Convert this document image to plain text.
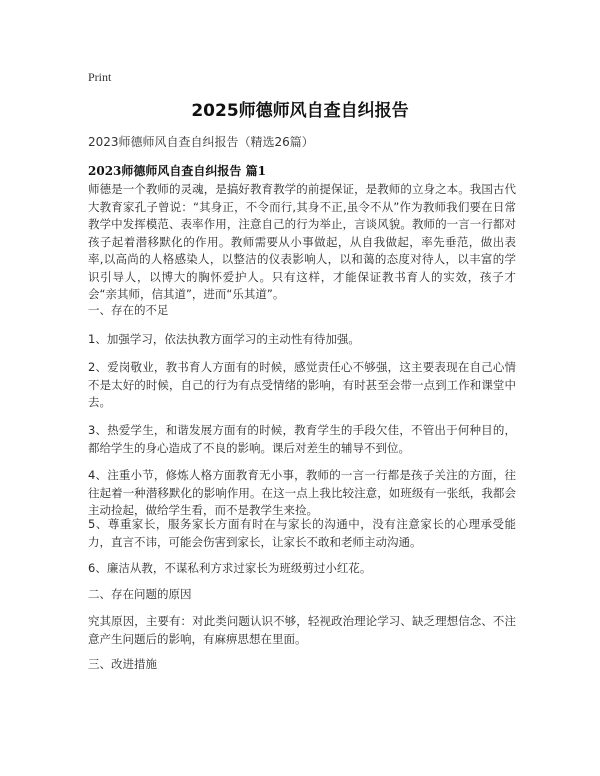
Print
2025师德师风自查自纠报告
2023师德师风自查自纠报告（精选26篇）
2023师德师风自查自纠报告 篇1

师德是一个教师的灵魂，是搞好教育教学的前提保证，是教师的立身之本。我国古代大教育家孔子曾说：“其身正，不令而行,其身不正,虽令不从”作为教师我们要在日常教学中发挥模范、表率作用，注意自己的行为举止，言谈风貌。教师的一言一行都对孩子起着潜移默化的作用。教师需要从小事做起，从自我做起，率先垂范，做出表率,以高尚的人格感染人，以整洁的仪表影响人，以和蔼的态度对待人，以丰富的学识引导人，以博大的胸怀爱护人。只有这样，才能保证教书育人的实效，孩子才会“亲其师，信其道”，进而“乐其道”。

一、存在的不足

1、加强学习，依法执教方面学习的主动性有待加强。

2、爱岗敬业，教书育人方面有的时候，感觉责任心不够强，这主要表现在自己心情不是太好的时候，自己的行为有点受情绪的影响，有时甚至会带一点到工作和课堂中去。

3、热爱学生，和谐发展方面有的时候，教育学生的手段欠佳，不管出于何种目的，都给学生的身心造成了不良的影响。课后对差生的辅导不到位。

4、注重小节，修炼人格方面教育无小事，教师的一言一行都是孩子关注的方面，往往起着一种潜移默化的影响作用。在这一点上我比较注意，如班级有一张纸，我都会主动捡起，做给学生看，而不是教学生来捡。

5、尊重家长，服务家长方面有时在与家长的沟通中，没有注意家长的心理承受能力，直言不讳，可能会伤害到家长，让家长不敢和老师主动沟通。

6、廉洁从教，不谋私利方求过家长为班级剪过小红花。

二、存在问题的原因

究其原因，主要有：对此类问题认识不够，轻视政治理论学习、缺乏理想信念、不注意产生问题后的影响，有麻痹思想在里面。

三、改进措施
